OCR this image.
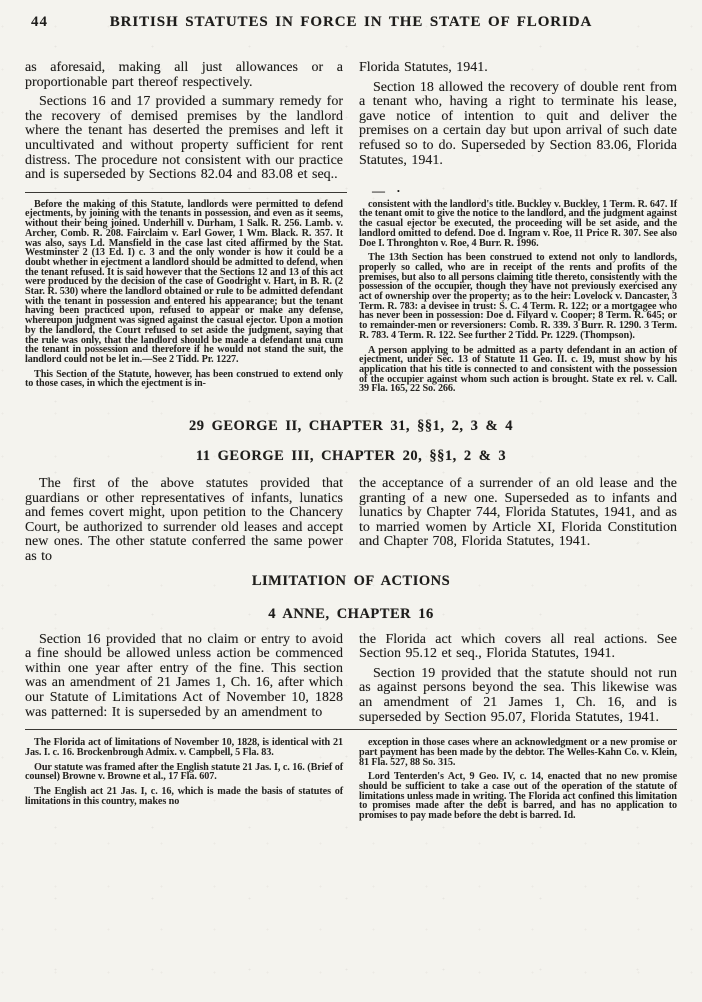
44	BRITISH STATUTES IN FORCE IN THE STATE OF FLORIDA

as aforesaid, making all just allowances or a proportionable part thereof respectively.

Sections 16 and 17 provided a summary remedy for the recovery of demised premises by the landlord where the tenant has deserted the premises and left it uncultivated and without property sufficient for rent distress. The procedure not consistent with our practice and is superseded by Sections 82.04 and 83.08 et seq..

Florida Statutes, 1941.

Section 18 allowed the recovery of double rent from a tenant who, having a right to terminate his lease, gave notice of intention to quit and deliver the premises on a certain day but upon arrival of such date refused so to do. Superseded by Section 83.06, Florida Statutes, 1941.

— ·

Before the making of this Statute, landlords were permitted to defend ejectments, by joining with the tenants in possession, and even as it seems, without their being joined. Underhill v. Durham, 1 Salk. R. 256. Lamb. v. Archer, Comb. R. 208. Fairclaim v. Earl Gower, 1 Wm. Black. R. 357. It was also, says Ld. Mansfield in the case last cited affirmed by the Stat. Westminster 2 (13 Ed. I) c. 3 and the only wonder is how it could be a doubt whether in ejectment a landlord should be admitted to defend, when the tenant refused. It is said however that the Sections 12 and 13 of this act were produced by the decision of the case of Goodright v. Hart, in B. R. (2 Star. R. 530) where the landlord obtained or rule to be admitted defendant with the tenant in possession and entered his appearance; but the tenant having been practiced upon, refused to appear or make any defense, whereupon judgment was signed against the casual ejector. Upon a motion by the landlord, the Court refused to set aside the judgment, saying that the rule was only, that the landlord should be made a defendant una cum the tenant in possession and therefore if he would not stand the suit, the landlord could not be let in.—See 2 Tidd. Pr. 1227.

This Section of the Statute, however, has been construed to extend only to those cases, in which the ejectment is in-

consistent with the landlord's title. Buckley v. Buckley, 1 Term. R. 647. If the tenant omit to give the notice to the landlord, and the judgment against the casual ejector be executed, the proceeding will be set aside, and the landlord omitted to defend. Doe d. Ingram v. Roe, 11 Price R. 307. See also Doe I. Thronghton v. Roe, 4 Burr. R. 1996.

The 13th Section has been construed to extend not only to landlords, properly so called, who are in receipt of the rents and profits of the premises, but also to all persons claiming title thereto, consistently with the possession of the occupier, though they have not previously exercised any act of ownership over the property; as to the heir: Lovelock v. Dancaster, 3 Term. R. 783: a devisee in trust: S. C. 4 Term. R. 122; or a mortgagee who has never been in possession: Doe d. Filyard v. Cooper; 8 Term. R. 645; or to remainder-men or reversioners: Comb. R. 339. 3 Burr. R. 1290. 3 Term. R. 783. 4 Term. R. 122. See further 2 Tidd. Pr. 1229. (Thompson).

A person applying to be admitted as a party defendant in an action of ejectment, under Sec. 13 of Statute 11 Geo. II. c. 19, must show by his application that his title is connected to and consistent with the possession of the occupier against whom such action is brought. State ex rel. v. Call. 39 Fla. 165, 22 So. 266.

29 GEORGE II, CHAPTER 31, §§1, 2, 3 & 4
11 GEORGE III, CHAPTER 20, §§1, 2 & 3

The first of the above statutes provided that guardians or other representatives of infants, lunatics and femes covert might, upon petition to the Chancery Court, be authorized to surrender old leases and accept new ones. The other statute conferred the same power as to

the acceptance of a surrender of an old lease and the granting of a new one. Superseded as to infants and lunatics by Chapter 744, Florida Statutes, 1941, and as to married women by Article XI, Florida Constitution and Chapter 708, Florida Statutes, 1941.

LIMITATION OF ACTIONS
4 ANNE, CHAPTER 16

Section 16 provided that no claim or entry to avoid a fine should be allowed unless action be commenced within one year after entry of the fine. This section was an amendment of 21 James 1, Ch. 16, after which our Statute of Limitations Act of November 10, 1828 was patterned: It is superseded by an amendment to

the Florida act which covers all real actions. See Section 95.12 et seq., Florida Statutes, 1941.

Section 19 provided that the statute should not run as against persons beyond the sea. This likewise was an amendment of 21 James 1, Ch. 16, and is superseded by Section 95.07, Florida Statutes, 1941.

The Florida act of limitations of November 10, 1828, is identical with 21 Jas. I. c. 16. Brockenbrough Admix. v. Campbell, 5 Fla. 83.

Our statute was framed after the English statute 21 Jas. I, c. 16. (Brief of counsel) Browne v. Browne et al., 17 Fla. 607.

The English act 21 Jas. I, c. 16, which is made the basis of statutes of limitations in this country, makes no

exception in those cases where an acknowledgment or a new promise or part payment has been made by the debtor. The Welles-Kahn Co. v. Klein, 81 Fla. 527, 88 So. 315.

Lord Tenterden's Act, 9 Geo. IV, c. 14, enacted that no new promise should be sufficient to take a case out of the operation of the statute of limitations unless made in writing. The Florida act confined this limitation to promises made after the debt is barred, and has no application to promises to pay made before the debt is barred. Id.
